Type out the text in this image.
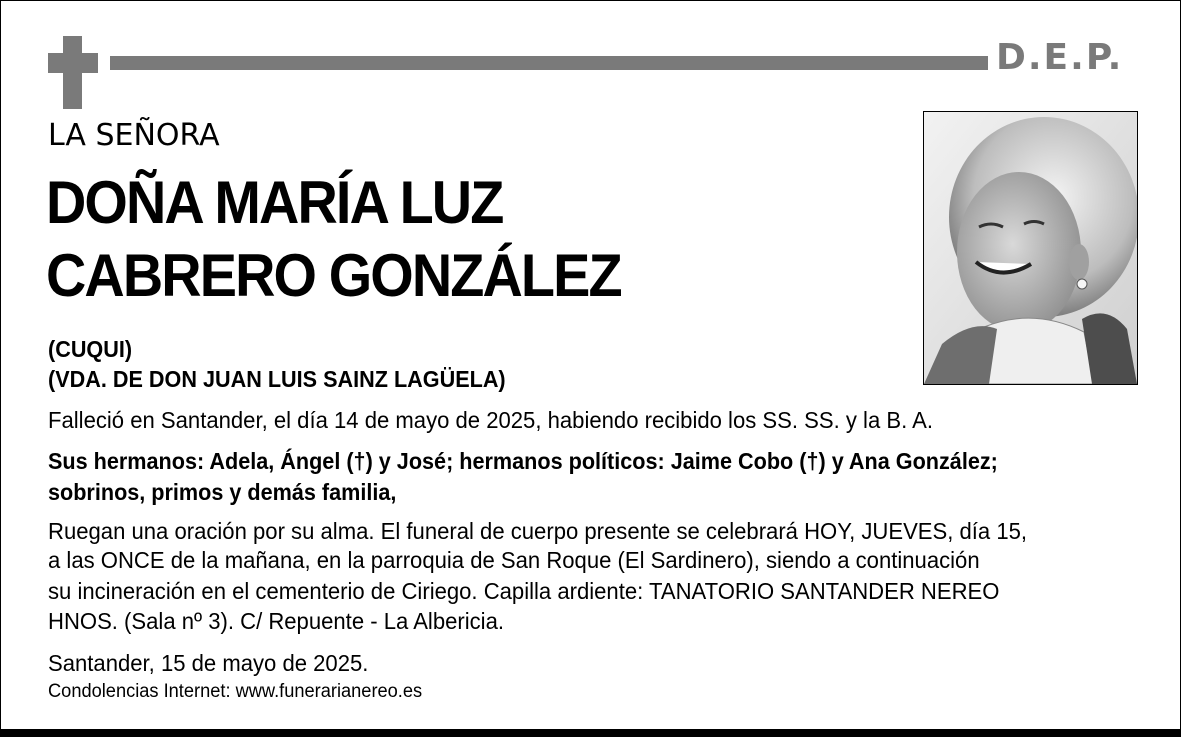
D.E.P.
LA SEÑORA
DOÑA MARÍA LUZ
CABRERO GONZÁLEZ
(CUQUI)
(VDA. DE DON JUAN LUIS SAINZ LAGÜELA)
Falleció en Santander, el día 14 de mayo de 2025, habiendo recibido los SS. SS. y la B. A.
Sus hermanos: Adela, Ángel (†) y José; hermanos políticos: Jaime Cobo (†) y Ana González;
sobrinos, primos y demás familia,
Ruegan una oración por su alma. El funeral de cuerpo presente se celebrará HOY, JUEVES, día 15,
a las ONCE de la mañana, en la parroquia de San Roque (El Sardinero), siendo a continuación
su incineración en el cementerio de Ciriego. Capilla ardiente: TANATORIO SANTANDER NEREO
HNOS. (Sala nº 3). C/ Repuente - La Albericia.
Santander, 15 de mayo de 2025.
Condolencias Internet: www.funerarianereo.es
